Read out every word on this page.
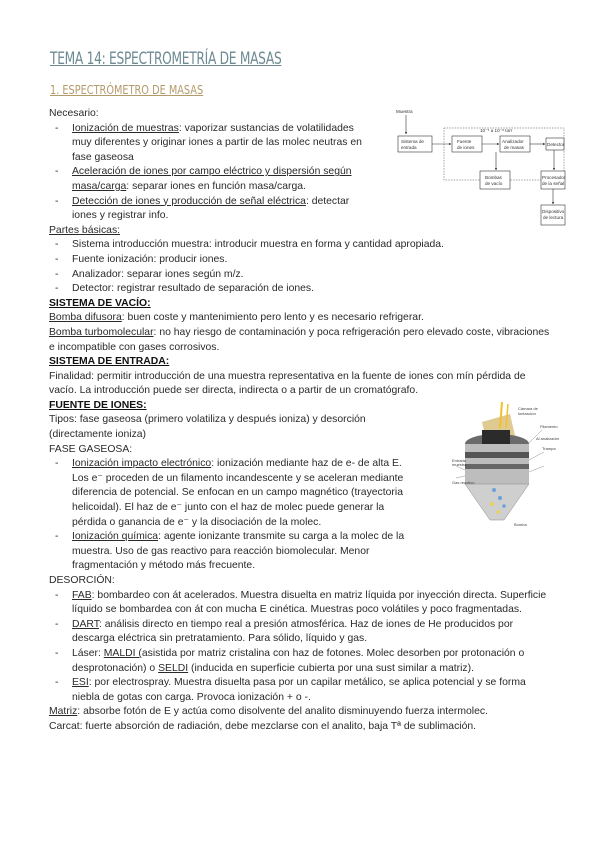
TEMA 14: ESPECTROMETRÍA DE MASAS
1. ESPECTRÓMETRO DE MASAS
Muestra
10⁻⁵ a 10⁻⁸ torr
Sistema de
entrada
Fuente
de iones
Analizador
de masas
Detector
Bombas
de vacío
Procesador
de la señal
Dispositivo
de lectura
Cámara de
ionización
Filamento
Al analizador
Trampa
Entrada
muestra
Gas reactivo
Bomba

Necesario:

- Ionización de muestras: vaporizar sustancias de volatilidades muy diferentes y originar iones a partir de las molec neutras en fase gaseosa

- Aceleración de iones por campo eléctrico y dispersión según masa/carga: separar iones en función masa/carga.

- Detección de iones y producción de señal eléctrica: detectar iones y registrar info.

Partes básicas:

- Sistema introducción muestra: introducir muestra en forma y cantidad apropiada.

- Fuente ionización: producir iones.

- Analizador: separar iones según m/z.

- Detector: registrar resultado de separación de iones.

SISTEMA DE VACÍO:

Bomba difusora: buen coste y mantenimiento pero lento y es necesario refrigerar.

Bomba turbomolecular: no hay riesgo de contaminación y poca refrigeración pero elevado coste, vibraciones e incompatible con gases corrosivos.

SISTEMA DE ENTRADA:

Finalidad: permitir introducción de una muestra representativa en la fuente de iones con mín pérdida de vacío. La introducción puede ser directa, indirecta o a partir de un cromatógrafo.

FUENTE DE IONES:

Tipos: fase gaseosa (primero volatiliza y después ioniza) y desorción (directamente ioniza)

FASE GASEOSA:

- Ionización impacto electrónico: ionización mediante haz de e- de alta E. Los e⁻ proceden de un filamento incandescente y se aceleran mediante diferencia de potencial. Se enfocan en un campo magnético (trayectoria helicoidal). El haz de e⁻ junto con el haz de molec puede generar la pérdida o ganancia de e⁻ y la disociación de la molec.

- Ionización química: agente ionizante transmite su carga a la molec de la muestra. Uso de gas reactivo para reacción biomolecular. Menor fragmentación y método más frecuente.

DESORCIÓN:

- FAB: bombardeo con át acelerados. Muestra disuelta en matriz líquida por inyección directa. Superficie líquido se bombardea con át con mucha E cinética. Muestras poco volátiles y poco fragmentadas.

- DART: análisis directo en tiempo real a presión atmosférica. Haz de iones de He producidos por descarga eléctrica sin pretratamiento. Para sólido, líquido y gas.

- Láser: MALDI (asistida por matriz cristalina con haz de fotones. Molec desorben por protonación o desprotonación) o SELDI (inducida en superficie cubierta por una sust similar a matriz).

- ESI: por electrospray. Muestra disuelta pasa por un capilar metálico, se aplica potencial y se forma niebla de gotas con carga. Provoca ionización + o -.

Matriz: absorbe fotón de E y actúa como disolvente del analito disminuyendo fuerza intermolec.

Carcat: fuerte absorción de radiación, debe mezclarse con el analito, baja Tª de sublimación.
